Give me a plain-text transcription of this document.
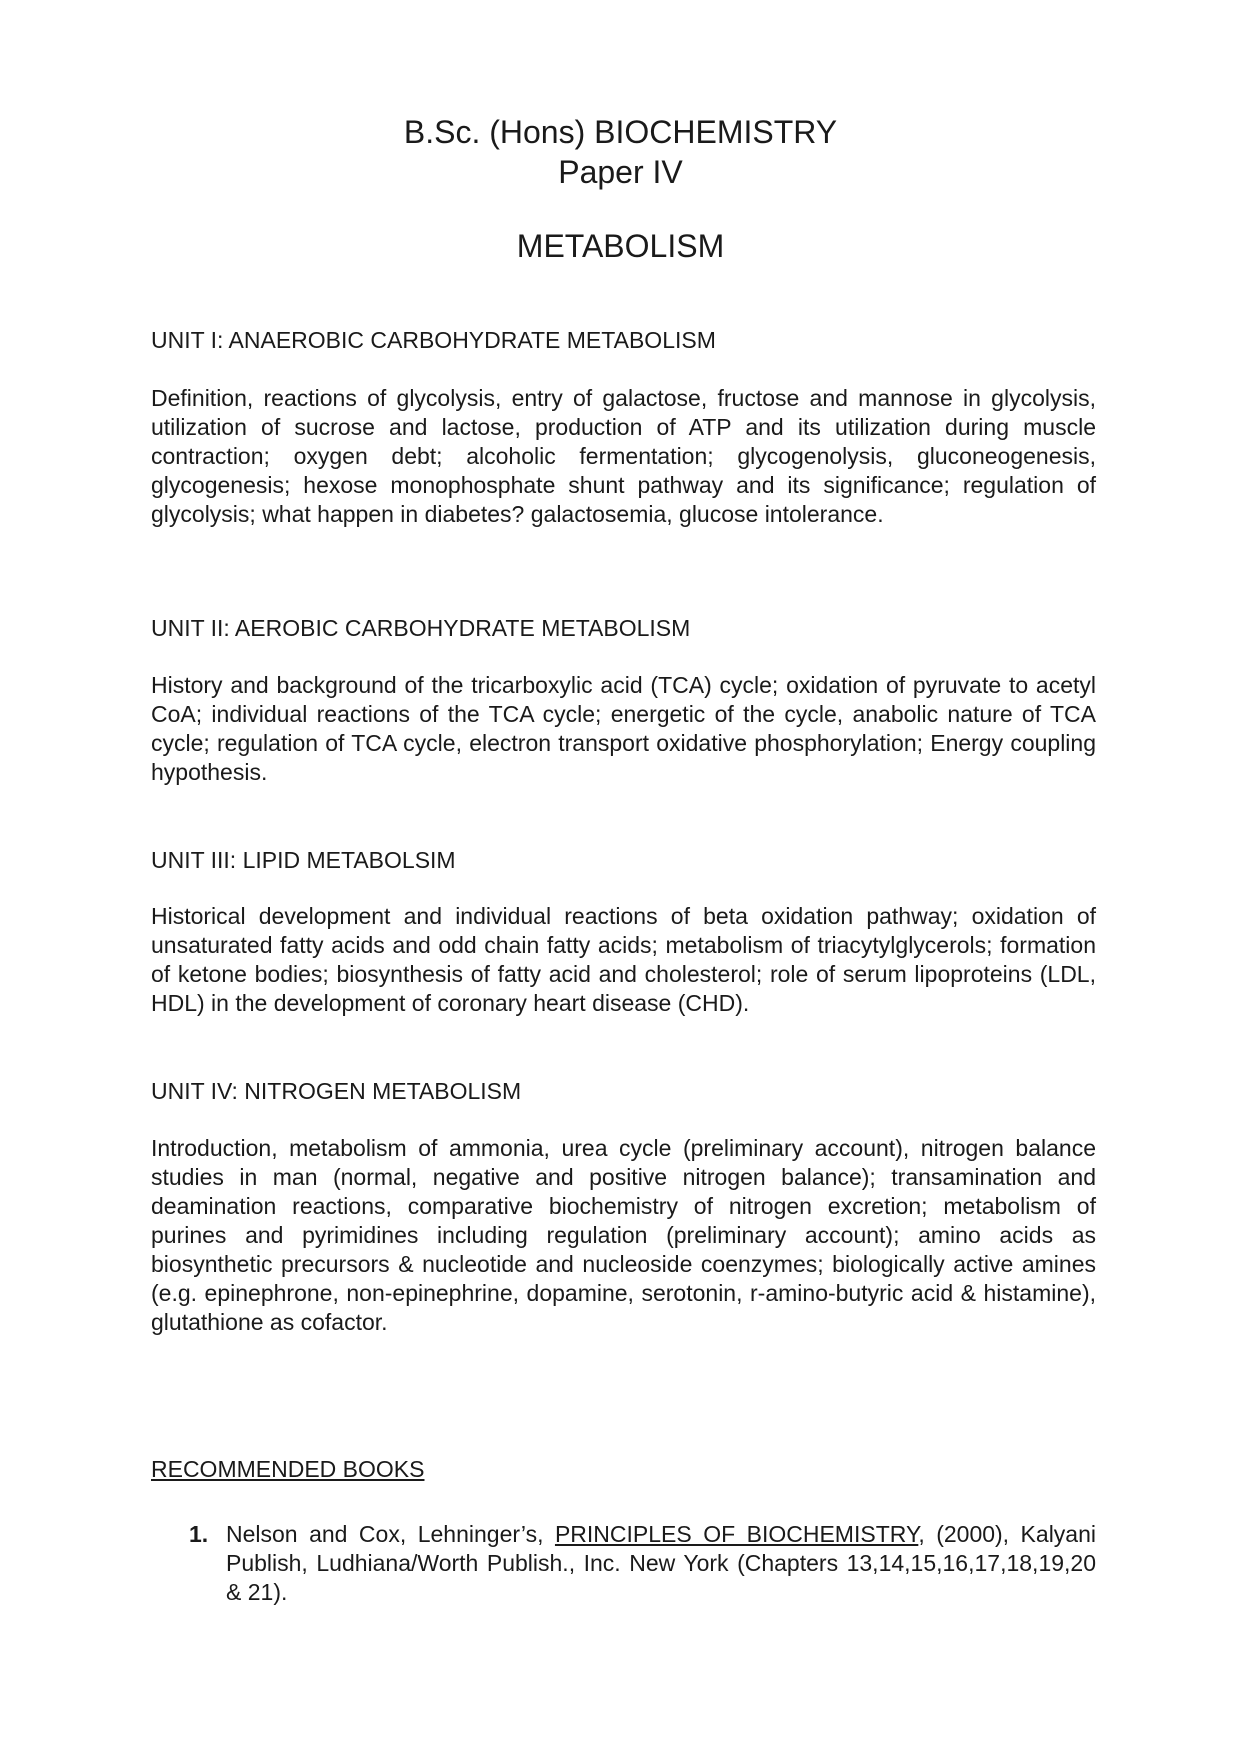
B.Sc. (Hons) BIOCHEMISTRY
Paper IV
METABOLISM
UNIT I: ANAEROBIC CARBOHYDRATE METABOLISM
Definition, reactions of glycolysis, entry of galactose, fructose and mannose in glycolysis, utilization of sucrose and lactose, production of ATP and its utilization during muscle contraction; oxygen debt; alcoholic fermentation; glycogenolysis, gluconeogenesis, glycogenesis; hexose monophosphate shunt pathway and its significance; regulation of glycolysis; what happen in diabetes? galactosemia, glucose intolerance.
UNIT II: AEROBIC CARBOHYDRATE METABOLISM
History and background of the tricarboxylic acid (TCA) cycle; oxidation of pyruvate to acetyl CoA; individual reactions of the TCA cycle; energetic of the cycle, anabolic nature of TCA cycle; regulation of TCA cycle, electron transport oxidative phosphorylation; Energy coupling hypothesis.
UNIT III: LIPID METABOLSIM
Historical development and individual reactions of beta oxidation pathway; oxidation of unsaturated fatty acids and odd chain fatty acids; metabolism of triacytylglycerols; formation of ketone bodies; biosynthesis of fatty acid and cholesterol; role of serum lipoproteins (LDL, HDL) in the development of coronary heart disease (CHD).
UNIT IV: NITROGEN METABOLISM
Introduction, metabolism of ammonia, urea cycle (preliminary account), nitrogen balance studies in man (normal, negative and positive nitrogen balance); transamination and deamination reactions, comparative biochemistry of nitrogen excretion; metabolism of purines and pyrimidines including regulation (preliminary account); amino acids as biosynthetic precursors & nucleotide and nucleoside coenzymes; biologically active amines (e.g. epinephrone, non-epinephrine, dopamine, serotonin, r-amino-butyric acid & histamine), glutathione as cofactor.
RECOMMENDED BOOKS
1. Nelson and Cox, Lehninger’s, PRINCIPLES OF BIOCHEMISTRY, (2000), Kalyani Publish, Ludhiana/Worth Publish., Inc. New York (Chapters 13,14,15,16,17,18,19,20 & 21).
